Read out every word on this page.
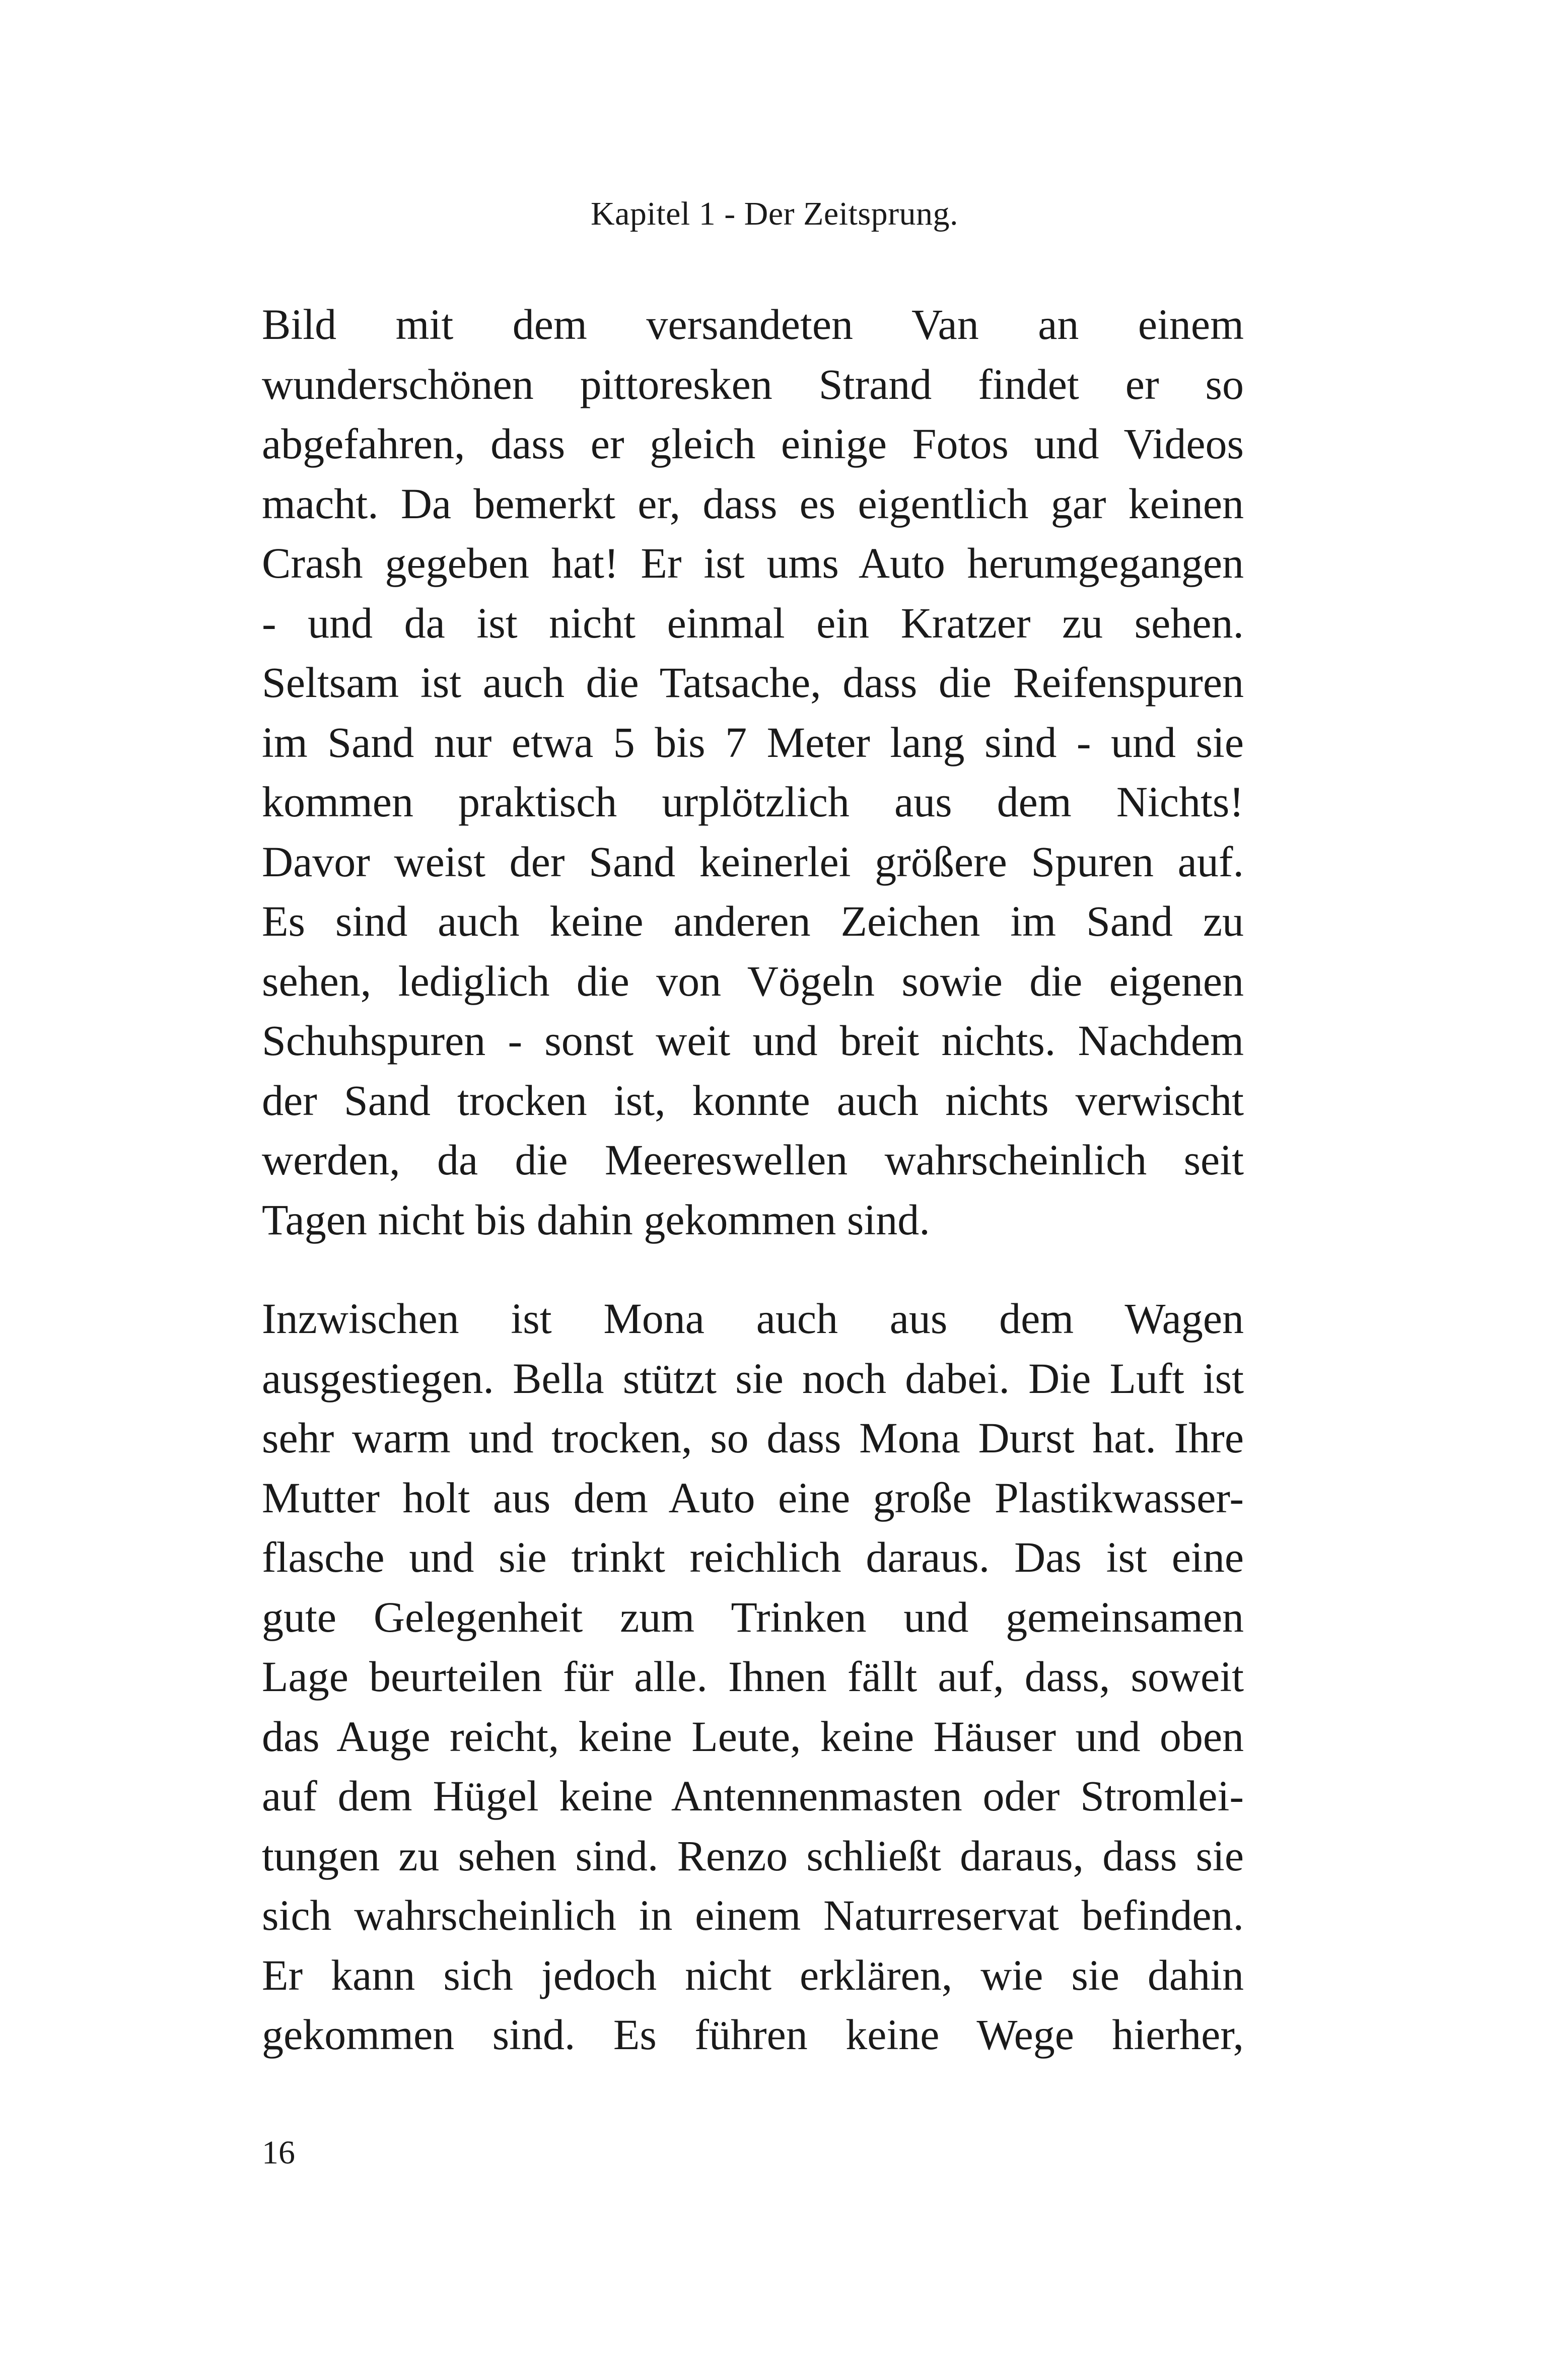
Kapitel 1 - Der Zeitsprung.

Bild mit dem versandeten Van an einem
wunderschönen pittoresken Strand findet er so
abgefahren, dass er gleich einige Fotos und Videos
macht. Da bemerkt er, dass es eigentlich gar keinen
Crash gegeben hat! Er ist ums Auto herumgegangen
- und da ist nicht einmal ein Kratzer zu sehen.
Seltsam ist auch die Tatsache, dass die Reifenspuren
im Sand nur etwa 5 bis 7 Meter lang sind - und sie
kommen praktisch urplötzlich aus dem Nichts!
Davor weist der Sand keinerlei größere Spuren auf.
Es sind auch keine anderen Zeichen im Sand zu
sehen, lediglich die von Vögeln sowie die eigenen
Schuhspuren - sonst weit und breit nichts. Nachdem
der Sand trocken ist, konnte auch nichts verwischt
werden, da die Meereswellen wahrscheinlich seit
Tagen nicht bis dahin gekommen sind.

Inzwischen ist Mona auch aus dem Wagen
ausgestiegen. Bella stützt sie noch dabei. Die Luft ist
sehr warm und trocken, so dass Mona Durst hat. Ihre
Mutter holt aus dem Auto eine große Plastikwasser-
flasche und sie trinkt reichlich daraus. Das ist eine
gute Gelegenheit zum Trinken und gemeinsamen
Lage beurteilen für alle. Ihnen fällt auf, dass, soweit
das Auge reicht, keine Leute, keine Häuser und oben
auf dem Hügel keine Antennenmasten oder Stromlei-
tungen zu sehen sind. Renzo schließt daraus, dass sie
sich wahrscheinlich in einem Naturreservat befinden.
Er kann sich jedoch nicht erklären, wie sie dahin
gekommen sind. Es führen keine Wege hierher,

16
